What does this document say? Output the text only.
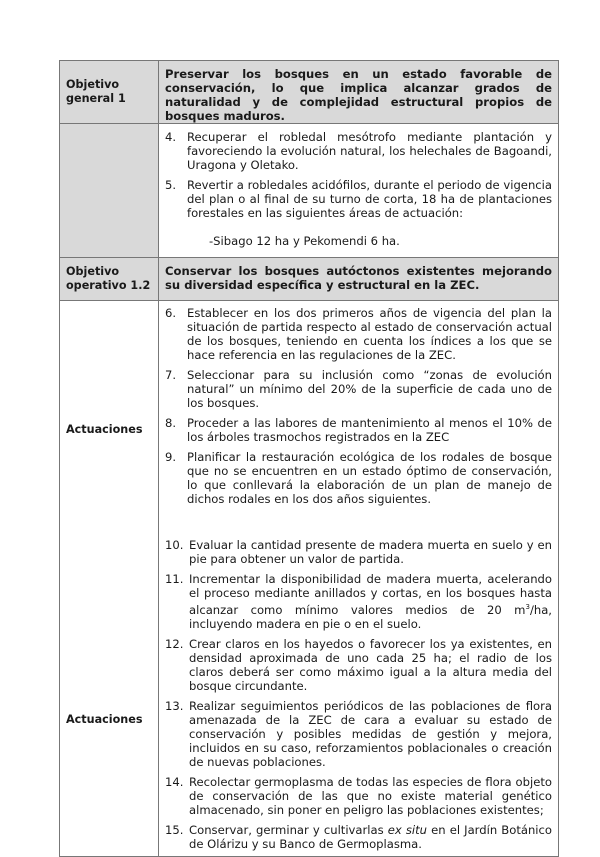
Objetivo general 1
Preservar los bosques en un estado favorable de conservación, lo que implica alcanzar grados de naturalidad y de complejidad estructural propios de bosques maduros.
4. Recuperar el robledal mesótrofo mediante plantación y favoreciendo la evolución natural, los helechales de Bagoandi, Uragona y Oletako.
5. Revertir a robledales acidófilos, durante el periodo de vigencia del plan o al final de su turno de corta, 18 ha de plantaciones forestales en las siguientes áreas de actuación:
-Sibago 12 ha y Pekomendi 6 ha.
Objetivo operativo 1.2
Conservar los bosques autóctonos existentes mejorando su diversidad específica y estructural en la ZEC.
Actuaciones
Actuaciones
6. Establecer en los dos primeros años de vigencia del plan la situación de partida respecto al estado de conservación actual de los bosques, teniendo en cuenta los índices a los que se hace referencia en las regulaciones de la ZEC.
7. Seleccionar para su inclusión como “zonas de evolución natural” un mínimo del 20% de la superficie de cada uno de los bosques.
8. Proceder a las labores de mantenimiento al menos el 10% de los árboles trasmochos registrados en la ZEC
9. Planificar la restauración ecológica de los rodales de bosque que no se encuentren en un estado óptimo de conservación, lo que conllevará la elaboración de un plan de manejo de dichos rodales en los dos años siguientes.
10. Evaluar la cantidad presente de madera muerta en suelo y en pie para obtener un valor de partida.
11. Incrementar la disponibilidad de madera muerta, acelerando el proceso mediante anillados y cortas, en los bosques hasta alcanzar como mínimo valores medios de 20 $m^3/ha$, incluyendo madera en pie o en el suelo.
12. Crear claros en los hayedos o favorecer los ya existentes, en densidad aproximada de uno cada 25 ha; el radio de los claros deberá ser como máximo igual a la altura media del bosque circundante.
13. Realizar seguimientos periódicos de las poblaciones de flora amenazada de la ZEC de cara a evaluar su estado de conservación y posibles medidas de gestión y mejora, incluidos en su caso, reforzamientos poblacionales o creación de nuevas poblaciones.
14. Recolectar germoplasma de todas las especies de flora objeto de conservación de las que no existe material genético almacenado, sin poner en peligro las poblaciones existentes;
15. Conservar, germinar y cultivarlas ex situ en el Jardín Botánico de Olárizu y su Banco de Germoplasma.
